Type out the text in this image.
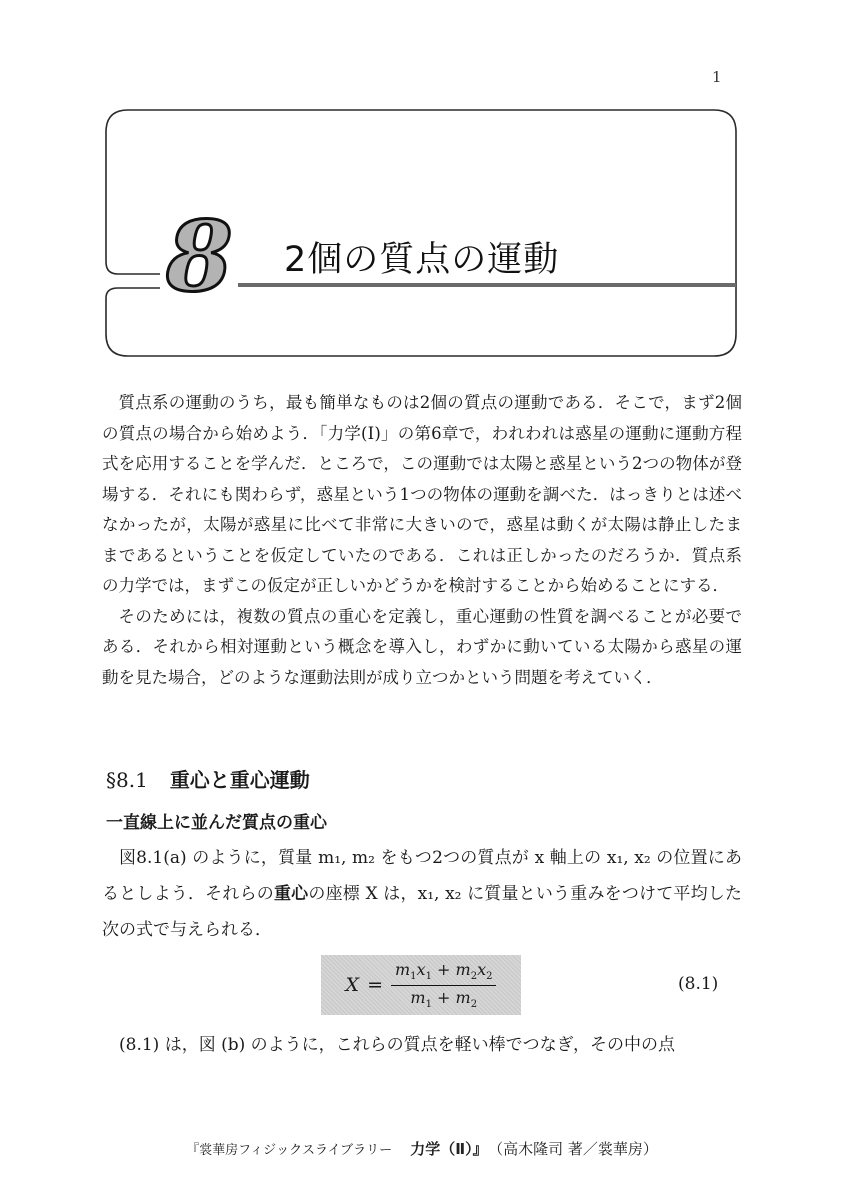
1
8 2個の質点の運動

質点系の運動のうち，最も簡単なものは2個の質点の運動である．そこで，まず2個の質点の場合から始めよう．「力学(Ⅰ)」の第6章で，われわれは惑星の運動に運動方程式を応用することを学んだ．ところで，この運動では太陽と惑星という2つの物体が登場する．それにも関わらず，惑星という1つの物体の運動を調べた．はっきりとは述べなかったが，太陽が惑星に比べて非常に大きいので，惑星は動くが太陽は静止したままであるということを仮定していたのである．これは正しかったのだろうか．質点系の力学では，まずこの仮定が正しいかどうかを検討することから始めることにする．

そのためには，複数の質点の重心を定義し，重心運動の性質を調べることが必要である．それから相対運動という概念を導入し，わずかに動いている太陽から惑星の運動を見た場合，どのような運動法則が成り立つかという問題を考えていく．

§8.1 重心と重心運動
一直線上に並んだ質点の重心

図8.1(a) のように，質量 m₁, m₂ をもつ2つの質点が x 軸上の x₁, x₂ の位置にあるとしよう．それらの重心の座標 X は，x₁, x₂ に質量という重みをつけて平均した次の式で与えられる．

$X = \frac{m_1x_1 + m_2x_2}{m_1 + m_2}$	(8.1)
(8.1) は，図 (b) のように，これらの質点を軽い棒でつなぎ，その中の点
『裳華房フィジックスライブラリー 力学（Ⅱ）』 （高木隆司 著／裳華房）
